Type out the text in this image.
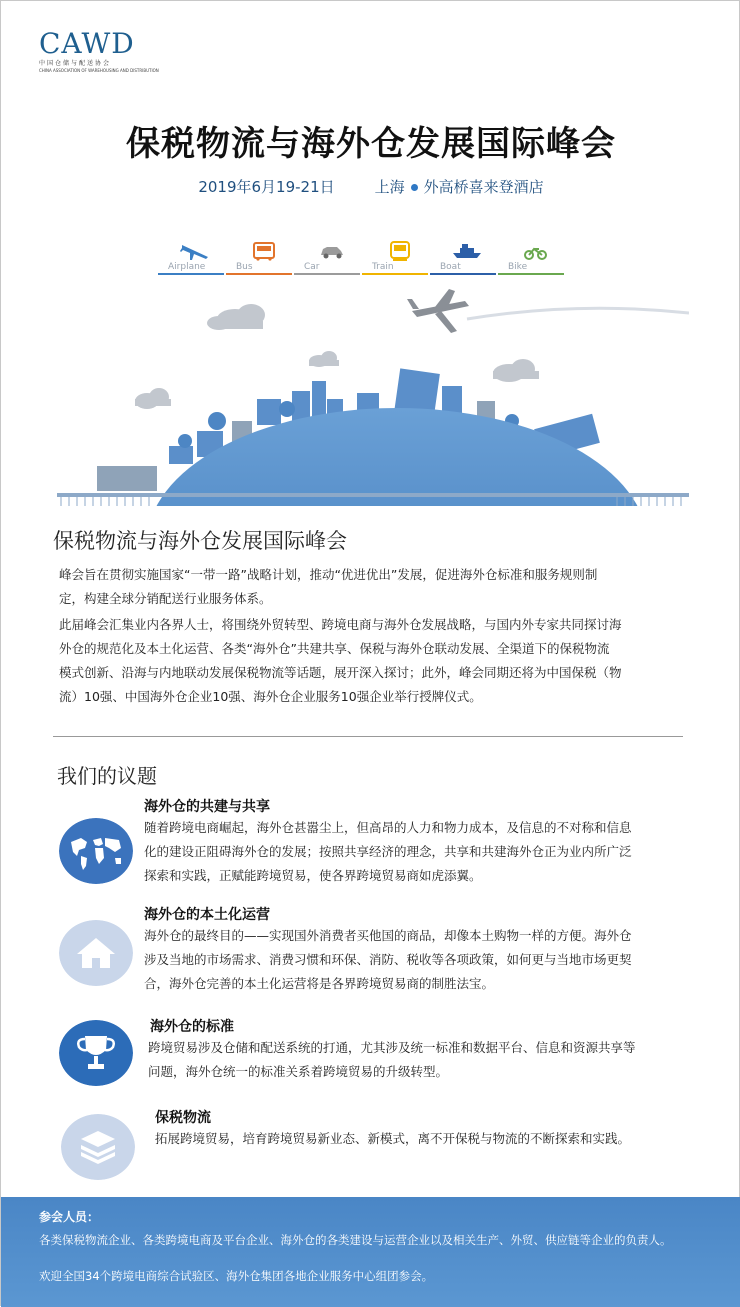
CAWD
中国仓储与配送协会
CHINA ASSOCIATION OF WAREHOUSING AND DISTRIBUTION
保税物流与海外仓发展国际峰会
2019年6月19-21日	上海 外高桥喜来登酒店
Airplane	Bus	Car	Train	Boat	Bike
保税物流与海外仓发展国际峰会
峰会旨在贯彻实施国家“一带一路”战略计划，推动“优进优出”发展，促进海外仓标准和服务规则制
定，构建全球分销配送行业服务体系。
此届峰会汇集业内各界人士，将围绕外贸转型、跨境电商与海外仓发展战略，与国内外专家共同探讨海
外仓的规范化及本土化运营、各类“海外仓”共建共享、保税与海外仓联动发展、全渠道下的保税物流
模式创新、沿海与内地联动发展保税物流等话题，展开深入探讨；此外，峰会同期还将为中国保税（物
流）10强、中国海外仓企业10强、海外仓企业服务10强企业举行授牌仪式。
我们的议题
海外仓的共建与共享
随着跨境电商崛起，海外仓甚嚣尘上，但高昂的人力和物力成本，及信息的不对称和信息
化的建设正阻碍海外仓的发展；按照共享经济的理念，共享和共建海外仓正为业内所广泛
探索和实践，正赋能跨境贸易，使各界跨境贸易商如虎添翼。
海外仓的本土化运营
海外仓的最终目的——实现国外消费者买他国的商品，却像本土购物一样的方便。海外仓
涉及当地的市场需求、消费习惯和环保、消防、税收等各项政策，如何更与当地市场更契
合，海外仓完善的本土化运营将是各界跨境贸易商的制胜法宝。
海外仓的标准
跨境贸易涉及仓储和配送系统的打通，尤其涉及统一标准和数据平台、信息和资源共享等
问题，海外仓统一的标准关系着跨境贸易的升级转型。
保税物流
拓展跨境贸易，培育跨境贸易新业态、新模式，离不开保税与物流的不断探索和实践。
参会人员：
各类保税物流企业、各类跨境电商及平台企业、海外仓的各类建设与运营企业以及相关生产、外贸、供应链等企业的负责人。
欢迎全国34个跨境电商综合试验区、海外仓集团各地企业服务中心组团参会。
